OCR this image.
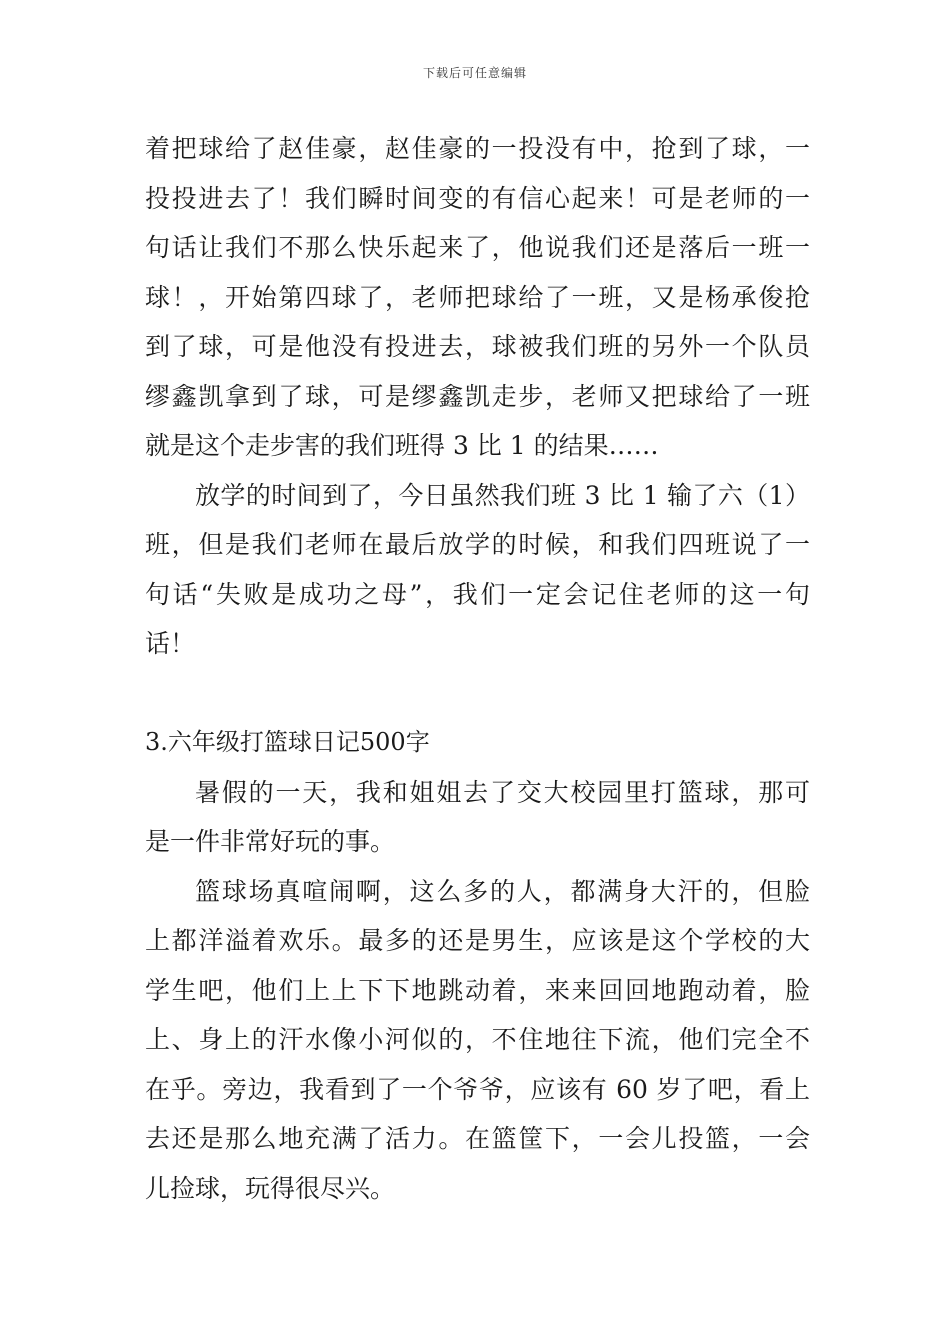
下载后可任意编辑
着把球给了赵佳豪，赵佳豪的一投没有中，抢到了球，一
投投进去了！我们瞬时间变的有信心起来！可是老师的一
句话让我们不那么快乐起来了，他说我们还是落后一班一
球！，开始第四球了，老师把球给了一班，又是杨承俊抢
到了球，可是他没有投进去，球被我们班的另外一个队员
缪鑫凯拿到了球，可是缪鑫凯走步，老师又把球给了一班
就是这个走步害的我们班得 3 比 1 的结果……
放学的时间到了，今日虽然我们班 3 比 1 输了六（1）
班，但是我们老师在最后放学的时候，和我们四班说了一
句话“失败是成功之母”，我们一定会记住老师的这一句
话！
3.六年级打篮球日记500字
暑假的一天，我和姐姐去了交大校园里打篮球，那可
是一件非常好玩的事。
篮球场真喧闹啊，这么多的人，都满身大汗的，但脸
上都洋溢着欢乐。最多的还是男生，应该是这个学校的大
学生吧，他们上上下下地跳动着，来来回回地跑动着，脸
上、身上的汗水像小河似的，不住地往下流，他们完全不
在乎。旁边，我看到了一个爷爷，应该有 60 岁了吧，看上
去还是那么地充满了活力。在篮筐下，一会儿投篮，一会
儿捡球，玩得很尽兴。
